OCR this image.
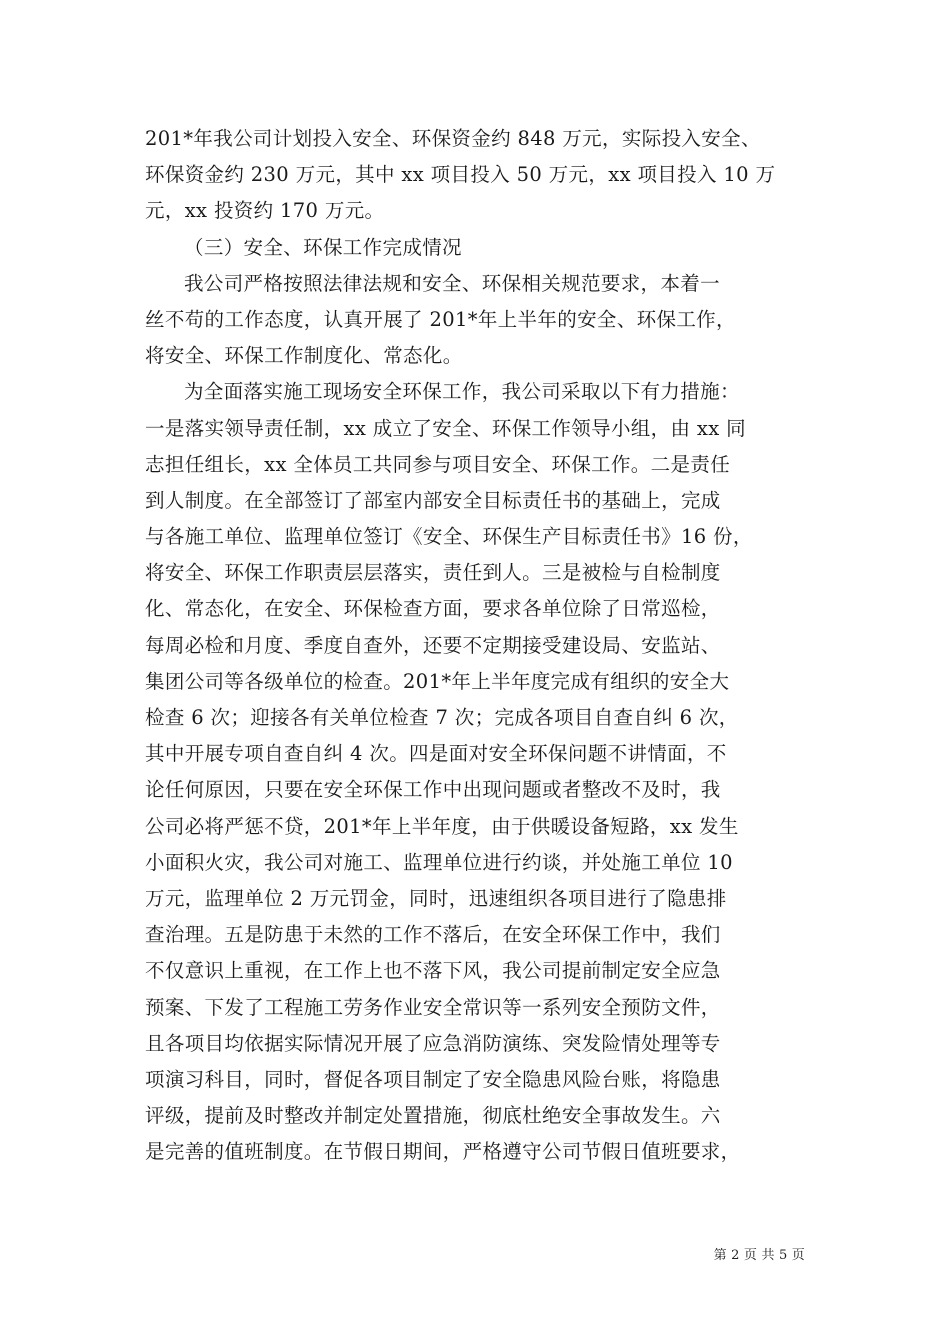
201*年我公司计划投入安全、环保资金约 848 万元，实际投入安全、
环保资金约 230 万元，其中 xx 项目投入 50 万元，xx 项目投入 10 万
元，xx 投资约 170 万元。
（三）安全、环保工作完成情况
我公司严格按照法律法规和安全、环保相关规范要求，本着一
丝不苟的工作态度，认真开展了 201*年上半年的安全、环保工作，
将安全、环保工作制度化、常态化。
为全面落实施工现场安全环保工作，我公司采取以下有力措施：
一是落实领导责任制，xx 成立了安全、环保工作领导小组，由 xx 同
志担任组长，xx 全体员工共同参与项目安全、环保工作。二是责任
到人制度。在全部签订了部室内部安全目标责任书的基础上，完成
与各施工单位、监理单位签订《安全、环保生产目标责任书》16 份，
将安全、环保工作职责层层落实，责任到人。三是被检与自检制度
化、常态化，在安全、环保检查方面，要求各单位除了日常巡检，
每周必检和月度、季度自查外，还要不定期接受建设局、安监站、
集团公司等各级单位的检查。201*年上半年度完成有组织的安全大
检查 6 次；迎接各有关单位检查 7 次；完成各项目自查自纠 6 次，
其中开展专项自查自纠 4 次。四是面对安全环保问题不讲情面，不
论任何原因，只要在安全环保工作中出现问题或者整改不及时，我
公司必将严惩不贷，201*年上半年度，由于供暖设备短路，xx 发生
小面积火灾，我公司对施工、监理单位进行约谈，并处施工单位 10
万元，监理单位 2 万元罚金，同时，迅速组织各项目进行了隐患排
查治理。五是防患于未然的工作不落后，在安全环保工作中，我们
不仅意识上重视，在工作上也不落下风，我公司提前制定安全应急
预案、下发了工程施工劳务作业安全常识等一系列安全预防文件，
且各项目均依据实际情况开展了应急消防演练、突发险情处理等专
项演习科目，同时，督促各项目制定了安全隐患风险台账，将隐患
评级，提前及时整改并制定处置措施，彻底杜绝安全事故发生。六
是完善的值班制度。在节假日期间，严格遵守公司节假日值班要求，
第 2 页 共 5 页
